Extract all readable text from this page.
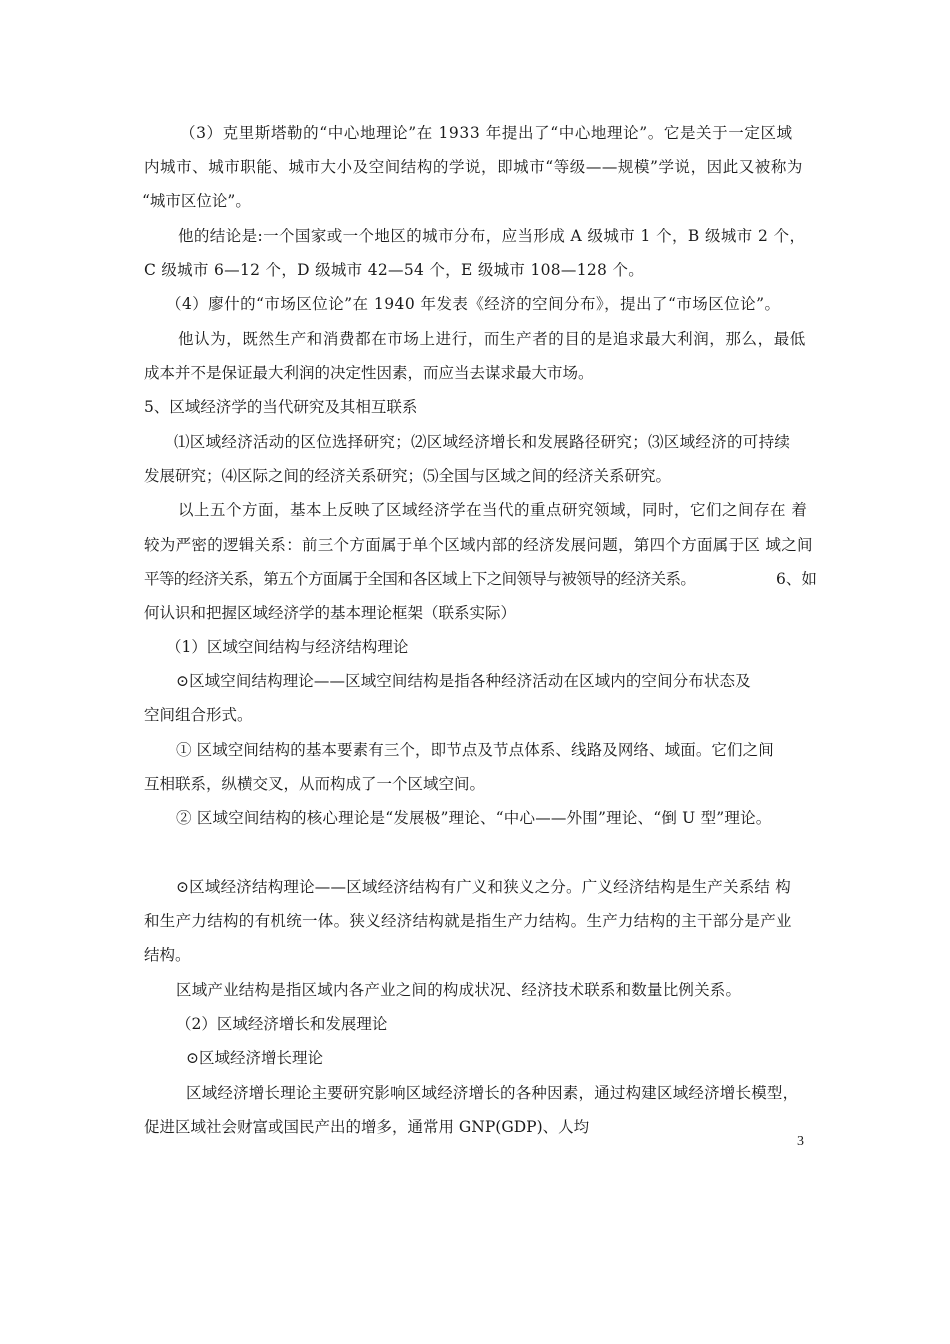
（3）克里斯塔勒的“中心地理论”在 1933 年提出了“中心地理论”。它是关于一定区域
内城市、城市职能、城市大小及空间结构的学说，即城市“等级——规模”学说，因此又被称为
“城市区位论”。
他的结论是:一个国家或一个地区的城市分布，应当形成 A 级城市 1 个，B 级城市 2 个，
C 级城市 6—12 个，D 级城市 42—54 个，E 级城市 108—128 个。
（4）廖什的“市场区位论”在 1940 年发表《经济的空间分布》，提出了“市场区位论”。
他认为，既然生产和消费都在市场上进行，而生产者的目的是追求最大利润，那么，最低
成本并不是保证最大利润的决定性因素，而应当去谋求最大市场。
5、区域经济学的当代研究及其相互联系
⑴区域经济活动的区位选择研究；⑵区域经济增长和发展路径研究；⑶区域经济的可持续
发展研究；⑷区际之间的经济关系研究；⑸全国与区域之间的经济关系研究。
以上五个方面，基本上反映了区域经济学在当代的重点研究领域，同时，它们之间存在 着
较为严密的逻辑关系：前三个方面属于单个区域内部的经济发展问题，第四个方面属于区 域之间
平等的经济关系，第五个方面属于全国和各区域上下之间领导与被领导的经济关系。	6、如
何认识和把握区域经济学的基本理论框架（联系实际）
（1）区域空间结构与经济结构理论
⊙区域空间结构理论——区域空间结构是指各种经济活动在区域内的空间分布状态及
空间组合形式。
① 区域空间结构的基本要素有三个，即节点及节点体系、线路及网络、域面。它们之间
互相联系，纵横交叉，从而构成了一个区域空间。
② 区域空间结构的核心理论是“发展极”理论、“中心——外围”理论、“倒 U 型”理论。
⊙区域经济结构理论——区域经济结构有广义和狭义之分。广义经济结构是生产关系结 构
和生产力结构的有机统一体。狭义经济结构就是指生产力结构。生产力结构的主干部分是产业
结构。
区域产业结构是指区域内各产业之间的构成状况、经济技术联系和数量比例关系。
（2）区域经济增长和发展理论
⊙区域经济增长理论
区域经济增长理论主要研究影响区域经济增长的各种因素，通过构建区域经济增长模型，
促进区域社会财富或国民产出的增多，通常用 GNP(GDP)、人均
3
